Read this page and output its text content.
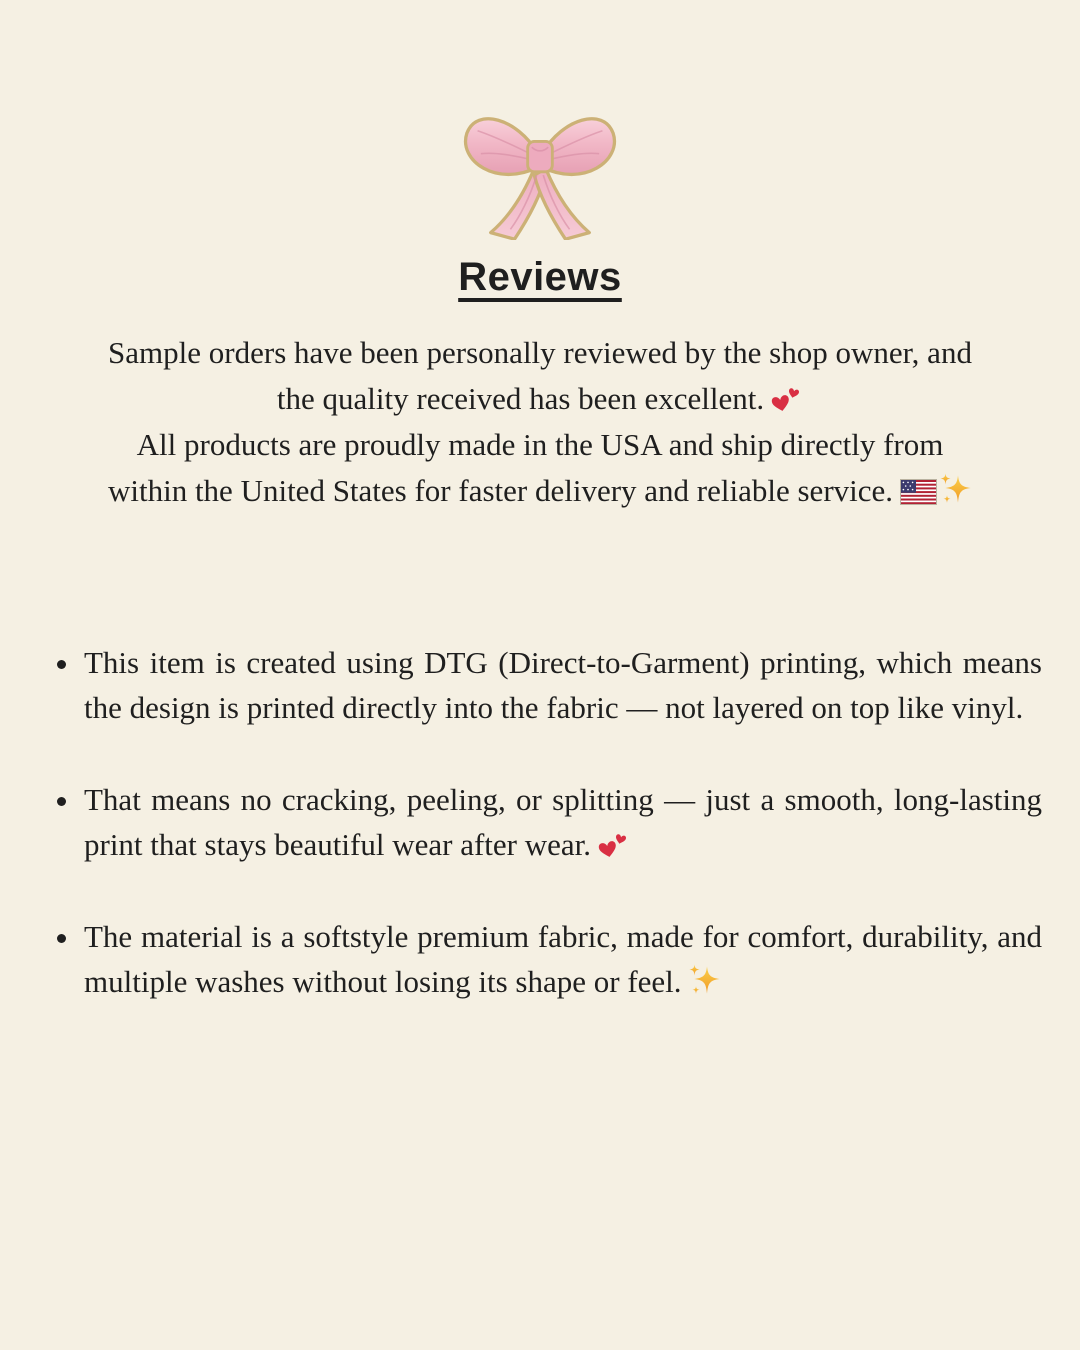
Reviews

Sample orders have been personally reviewed by the shop owner, and the quality received has been excellent.

All products are proudly made in the USA and ship directly from within the United States for faster delivery and reliable service.

• This item is created using DTG (Direct-to-Garment) printing, which means the design is printed directly into the fabric — not layered on top like vinyl.
• That means no cracking, peeling, or splitting — just a smooth, long-lasting print that stays beautiful wear after wear.
• The material is a softstyle premium fabric, made for comfort, durability, and multiple washes without losing its shape or feel.
